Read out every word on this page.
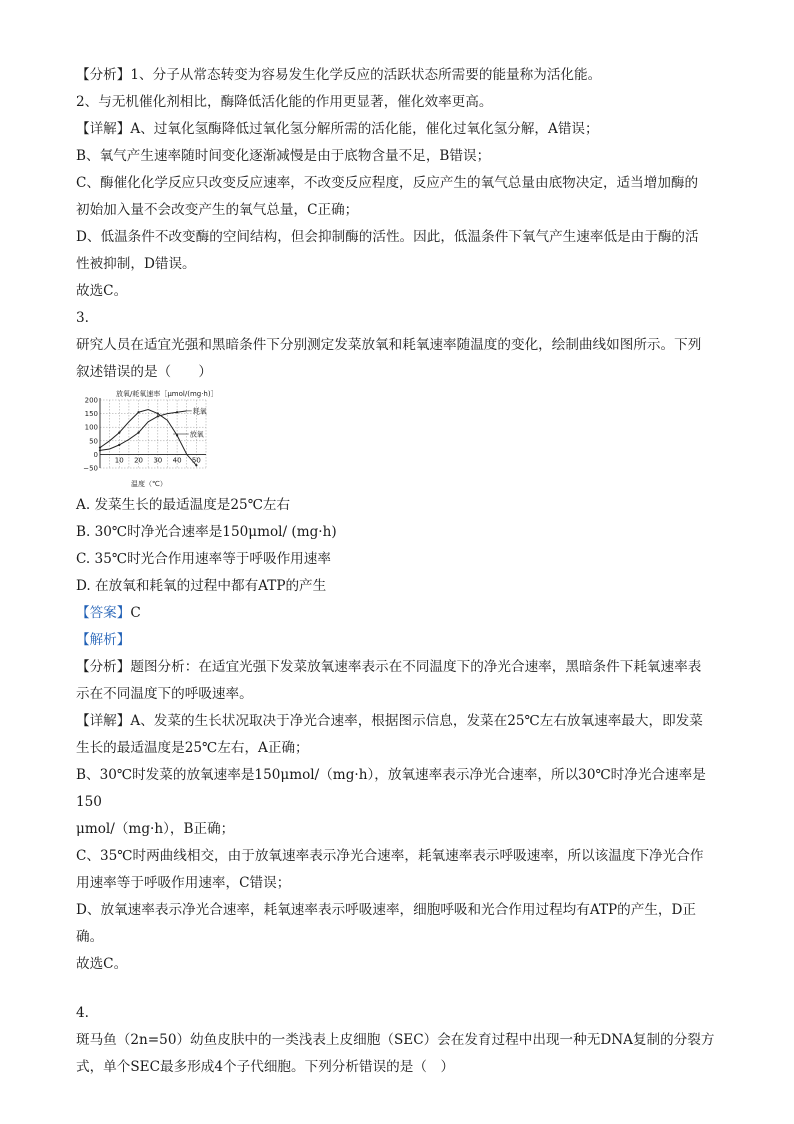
【分析】1、分子从常态转变为容易发生化学反应的活跃状态所需要的能量称为活化能。

2、与无机催化剂相比，酶降低活化能的作用更显著，催化效率更高。

【详解】A、过氧化氢酶降低过氧化氢分解所需的活化能，催化过氧化氢分解，A错误；

B、氧气产生速率随时间变化逐渐减慢是由于底物含量不足，B错误；

C、酶催化化学反应只改变反应速率，不改变反应程度，反应产生的氧气总量由底物决定，适当增加酶的

初始加入量不会改变产生的氧气总量，C正确；

D、低温条件不改变酶的空间结构，但会抑制酶的活性。因此，低温条件下氧气产生速率低是由于酶的活

性被抑制，D错误。

故选C。

3.

研究人员在适宜光强和黑暗条件下分别测定发菜放氧和耗氧速率随温度的变化，绘制曲线如图所示。下列

叙述错误的是（　　）

放氧/耗氧速率［μmol/(mg·h)］
200
150
100
50
0
−50
10 20 30 40 50
耗氧
放氧
温度（℃）

A. 发菜生长的最适温度是25℃左右

B. 30℃时净光合速率是150μmol/ (mg·h)

C. 35℃时光合作用速率等于呼吸作用速率

D. 在放氧和耗氧的过程中都有ATP的产生

【答案】C

【解析】

【分析】题图分析：在适宜光强下发菜放氧速率表示在不同温度下的净光合速率，黑暗条件下耗氧速率表

示在不同温度下的呼吸速率。

【详解】A、发菜的生长状况取决于净光合速率，根据图示信息，发菜在25℃左右放氧速率最大，即发菜

生长的最适温度是25℃左右，A正确；

B、30℃时发菜的放氧速率是150μmol/（mg·h），放氧速率表示净光合速率，所以30℃时净光合速率是150

μmol/（mg·h），B正确；

C、35℃时两曲线相交，由于放氧速率表示净光合速率，耗氧速率表示呼吸速率，所以该温度下净光合作

用速率等于呼吸作用速率，C错误；

D、放氧速率表示净光合速率，耗氧速率表示呼吸速率，细胞呼吸和光合作用过程均有ATP的产生，D正

确。

故选C。

4.

斑马鱼（2n=50）幼鱼皮肤中的一类浅表上皮细胞（SEC）会在发育过程中出现一种无DNA复制的分裂方

式，单个SEC最多形成4个子代细胞。下列分析错误的是（　）
